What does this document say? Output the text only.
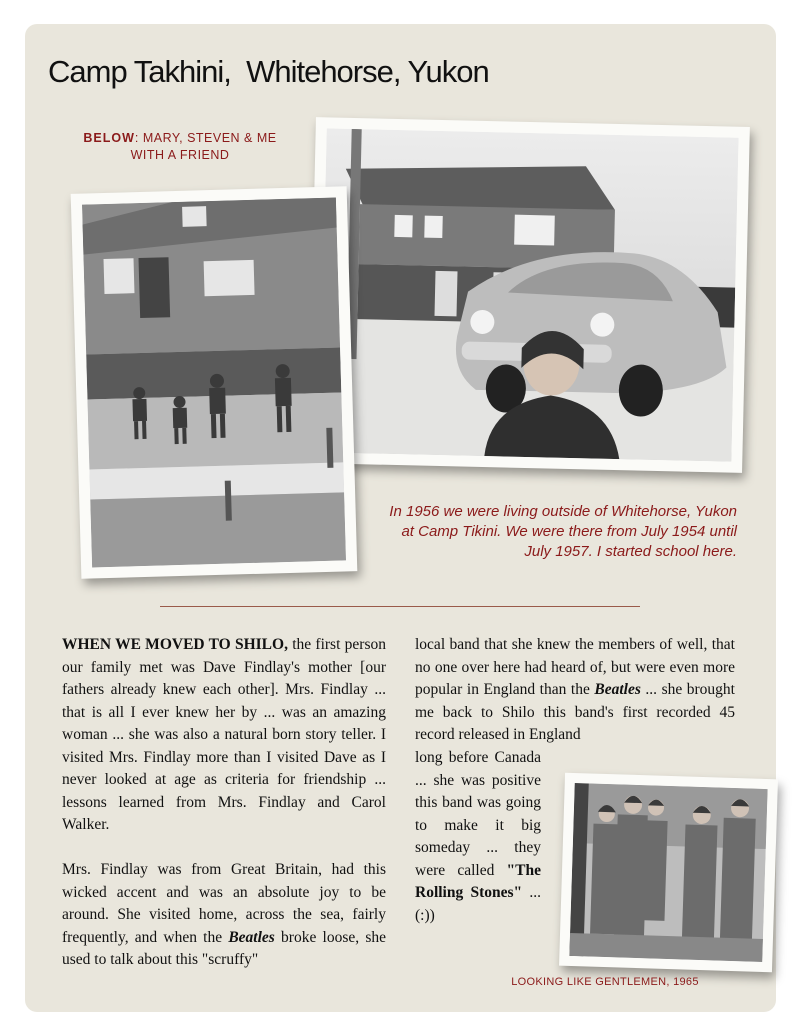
Camp Takhini,  Whitehorse, Yukon
BELOW: MARY, STEVEN & ME WITH A FRIEND
In 1956 we were living outside of Whitehorse, Yukon at Camp Tikini. We were there from July 1954 until July 1957. I started school here.

WHEN WE MOVED TO SHILO, the first person our family met was Dave Findlay's mother [our fathers already knew each other]. Mrs. Findlay ... that is all I ever knew her by ... was an amazing woman ... she was also a natural born story teller. I visited Mrs. Findlay more than I visited Dave as I never looked at age as criteria for friendship ... lessons learned from Mrs. Findlay and Carol Walker.

Mrs. Findlay was from Great Britain, had this wicked accent and was an absolute joy to be around. She visited home, across the sea, fairly frequently, and when the Beatles broke loose, she used to talk about this "scruffy"

local band that she knew the members of well, that no one over here had heard of, but were even more popular in England than the Beatles ... she brought me back to Shilo this band's first recorded 45 record released in England

long before Canada ... she was positive this band was going to make it big someday ... they were called "The Rolling Stones" ... (:))

LOOKING LIKE GENTLEMEN, 1965
